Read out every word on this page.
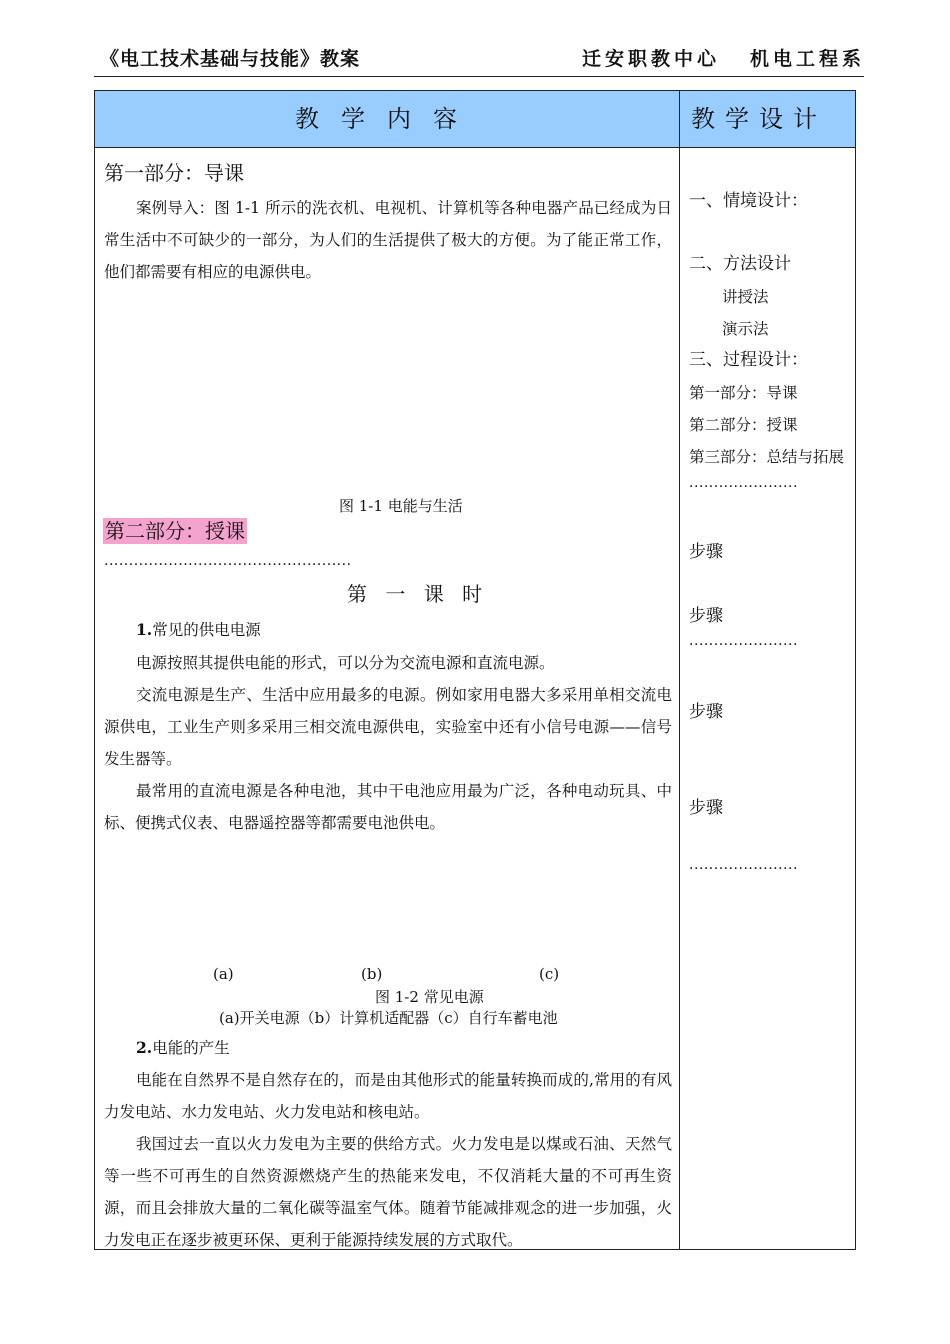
《电工技术基础与技能》教案	迁安职教中心 机电工程系
教学内容	教学设计
第一部分：导课
案例导入：图 1-1 所示的洗衣机、电视机、计算机等各种电器产品已经成为日常生活中不可缺少的一部分，为人们的生活提供了极大的方便。为了能正常工作，他们都需要有相应的电源供电。
图 1-1 电能与生活
第二部分：授课
..................................................
第 一 课 时
1.常见的供电电源
电源按照其提供电能的形式，可以分为交流电源和直流电源。
交流电源是生产、生活中应用最多的电源。例如家用电器大多采用单相交流电源供电，工业生产则多采用三相交流电源供电，实验室中还有小信号电源——信号发生器等。
最常用的直流电源是各种电池，其中干电池应用最为广泛，各种电动玩具、中标、便携式仪表、电器遥控器等都需要电池供电。
(a)	(b)	(c)
图 1-2 常见电源
(a)开关电源（b）计算机适配器（c）自行车蓄电池
2.电能的产生
电能在自然界不是自然存在的，而是由其他形式的能量转换而成的,常用的有风力发电站、水力发电站、火力发电站和核电站。
我国过去一直以火力发电为主要的供给方式。火力发电是以煤或石油、天然气等一些不可再生的自然资源燃烧产生的热能来发电，不仅消耗大量的不可再生资源，而且会排放大量的二氧化碳等温室气体。随着节能减排观念的进一步加强，火力发电正在逐步被更环保、更利于能源持续发展的方式取代。
一、情境设计：
二、方法设计
讲授法
演示法
三、过程设计：
第一部分：导课
第二部分：授课
第三部分：总结与拓展
......................
步骤
步骤
......................
步骤
步骤
......................
